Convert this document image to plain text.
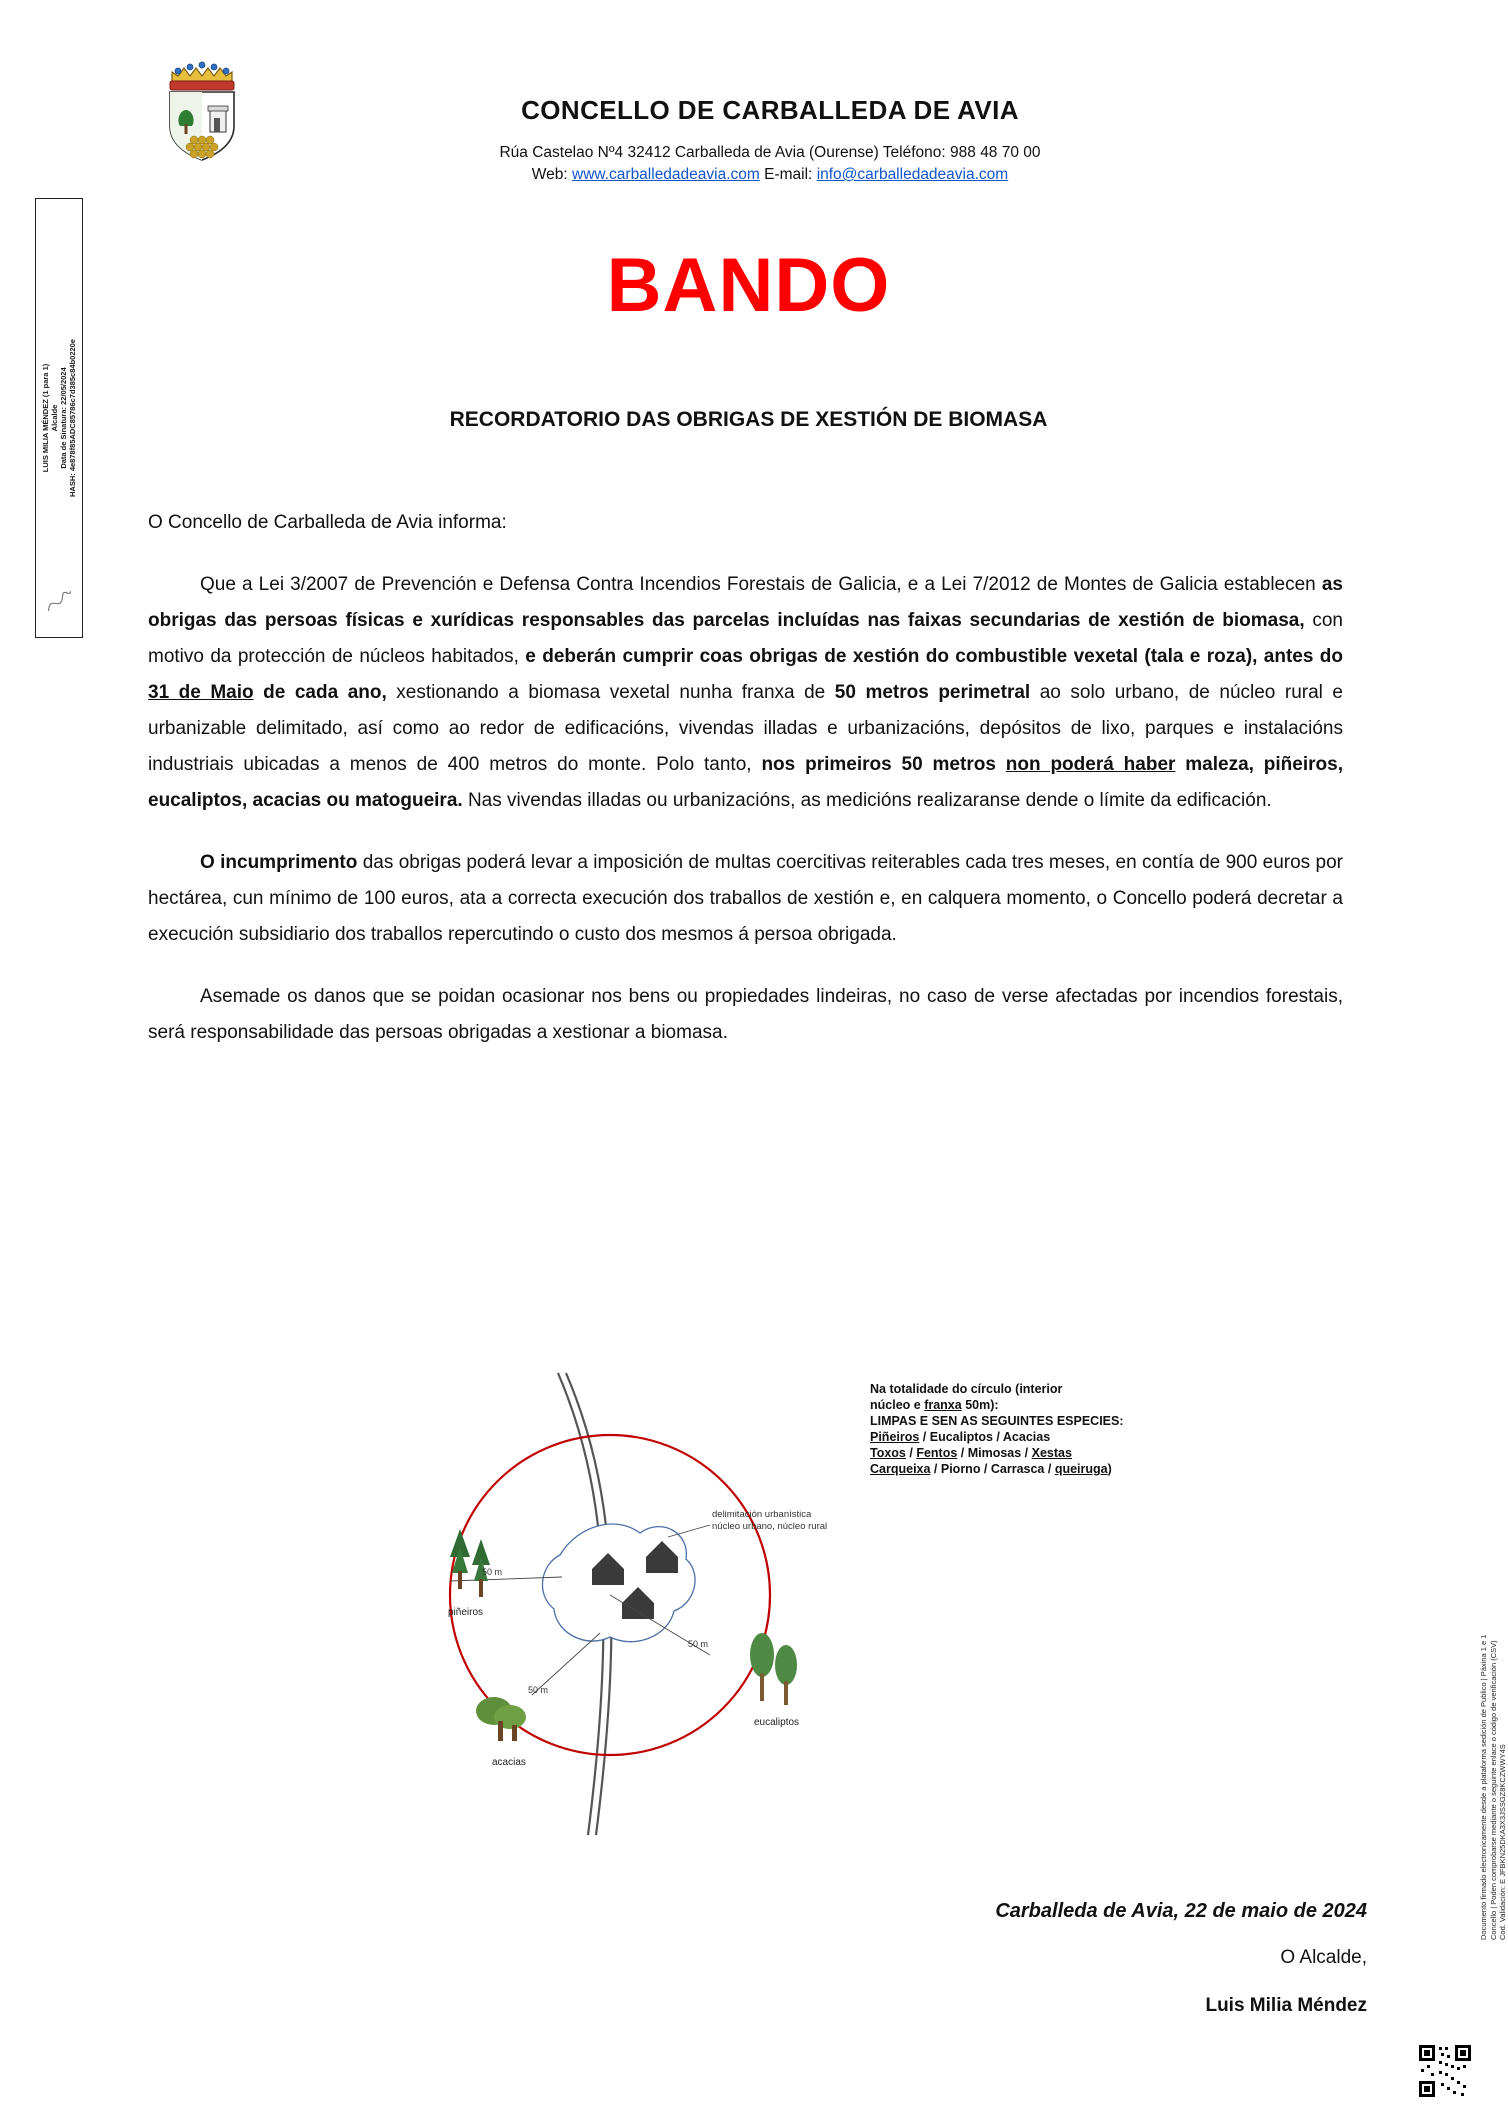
LUIS MILIA MÉNDEZ (1 para 1)
Alcalde
Data de Sinatura: 22/05/2024
HASH: 4e878f85ADC85786c7d385c84b0220e
CONCELLO DE CARBALLEDA DE AVIA
Rúa Castelao Nº4 32412 Carballeda de Avia (Ourense) Teléfono: 988 48 70 00
Web: www.carballedadeavia.com E-mail: info@carballedadeavia.com
BANDO
RECORDATORIO DAS OBRIGAS DE XESTIÓN DE BIOMASA

O Concello de Carballeda de Avia informa:

Que a Lei 3/2007 de Prevención e Defensa Contra Incendios Forestais de Galicia, e a Lei 7/2012 de Montes de Galicia establecen as obrigas das persoas físicas e xurídicas responsables das parcelas incluídas nas faixas secundarias de xestión de biomasa, con motivo da protección de núcleos habitados, e deberán cumprir coas obrigas de xestión do combustible vexetal (tala e roza), antes do 31 de Maio de cada ano, xestionando a biomasa vexetal nunha franxa de 50 metros perimetral ao solo urbano, de núcleo rural e urbanizable delimitado, así como ao redor de edificacións, vivendas illadas e urbanizacións, depósitos de lixo, parques e instalacións industriais ubicadas a menos de 400 metros do monte. Polo tanto, nos primeiros 50 metros non poderá haber maleza, piñeiros, eucaliptos, acacias ou matogueira. Nas vivendas illadas ou urbanizacións, as medicións realizaranse dende o límite da edificación.

O incumprimento das obrigas poderá levar a imposición de multas coercitivas reiterables cada tres meses, en contía de 900 euros por hectárea, cun mínimo de 100 euros, ata a correcta execución dos traballos de xestión e, en calquera momento, o Concello poderá decretar a execución subsidiario dos traballos repercutindo o custo dos mesmos á persoa obrigada.

Asemade os danos que se poidan ocasionar nos bens ou propiedades lindeiras, no caso de verse afectadas por incendios forestais, será responsabilidade das persoas obrigadas a xestionar a biomasa.

50 m
50 m
50 m
piñeiros
acacias
eucaliptos
delimitación urbanística
núcleo urbano, núcleo rural
Na totalidade do círculo (interior
núcleo e franxa 50m):
LIMPAS E SEN AS SEGUINTES ESPECIES:
Piñeiros / Eucaliptos / Acacias
Toxos / Fentos / Mimosas / Xestas
Carqueixa / Piorno / Carrasca / queiruga)
Carballeda de Avia, 22 de maio de 2024
O Alcalde,
Luis Milia Méndez
Documento firmado electronicamente desde a plataforma sedición de Publico | Páxina 1 e 1 Concello | Poden comprobarse mediante o seguinte enlace o código de verificación (CSV) Cod. Validación: E JFBKN25DKA3X3JSSGZ8KCZWWY4S
